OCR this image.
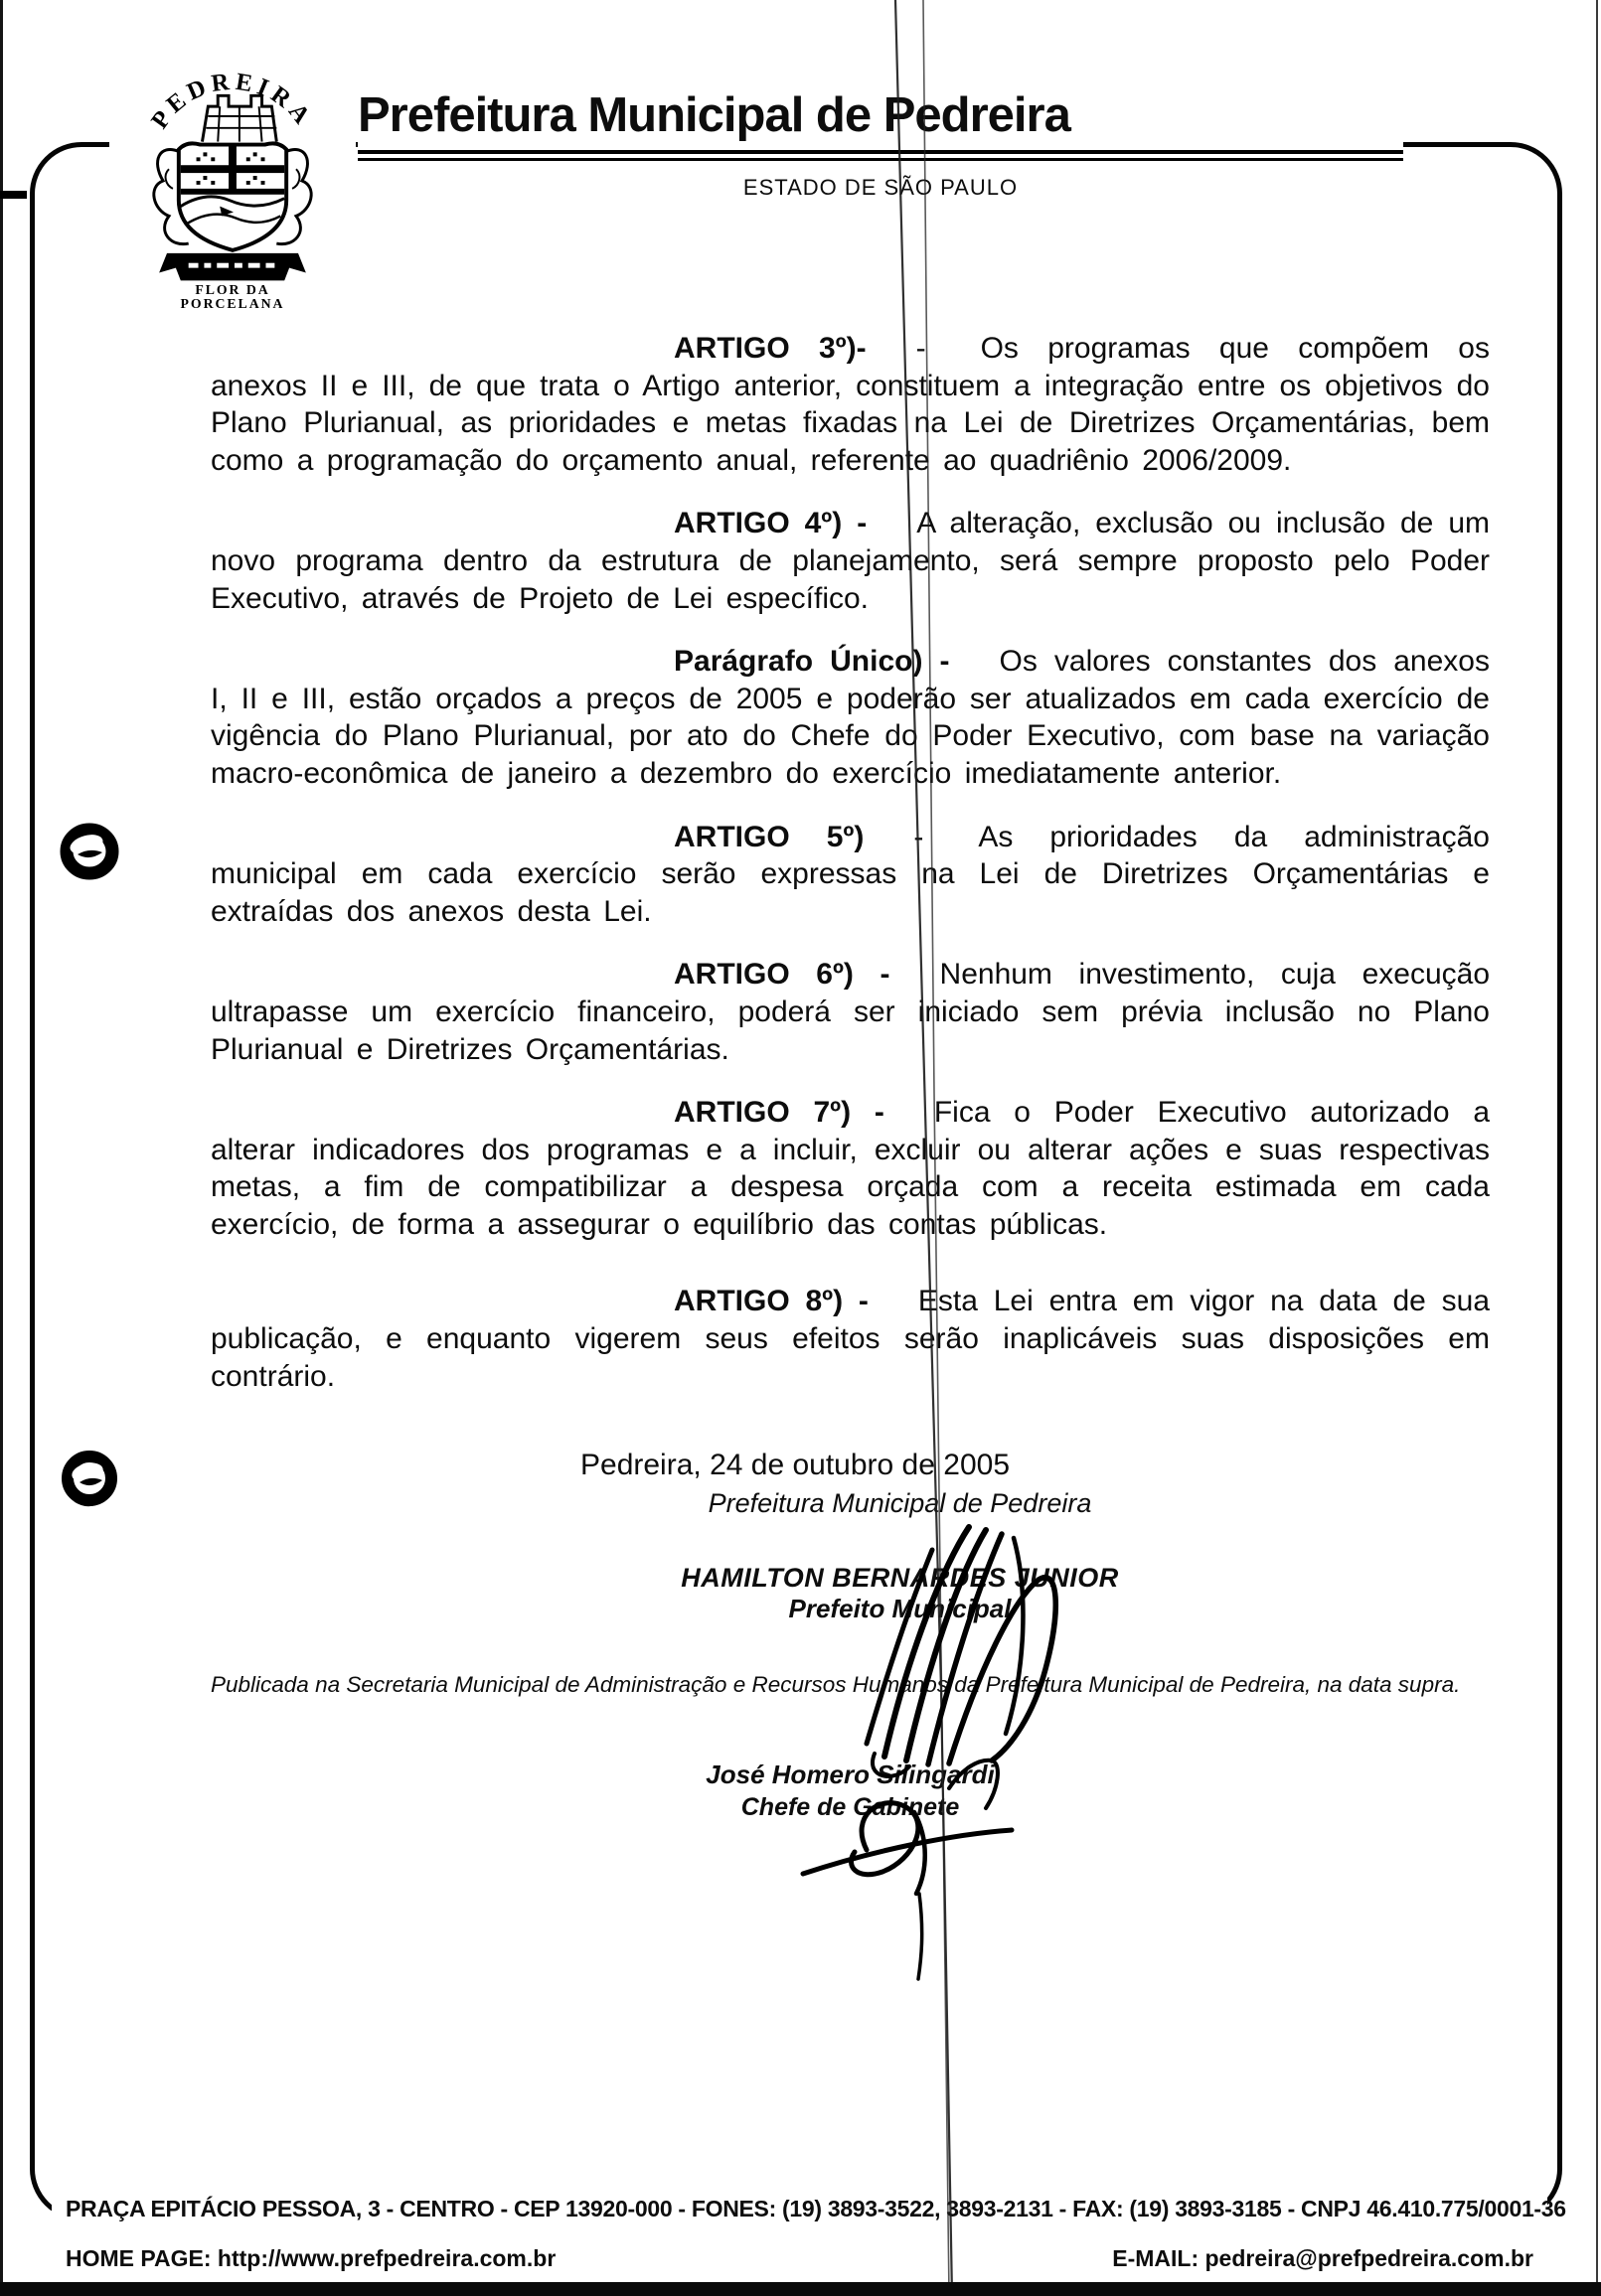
PEDREIRA
FLOR DA
PORCELANA
Prefeitura Municipal de Pedreira
ESTADO DE SÃO PAULO

ARTIGO 3º)- - Os programas que compõem os anexos II e III, de que trata o Artigo anterior, constituem a integração entre os objetivos do Plano Plurianual, as prioridades e metas fixadas na Lei de Diretrizes Orçamentárias, bem como a programação do orçamento anual, referente ao quadriênio 2006/2009.

ARTIGO 4º) - A alteração, exclusão ou inclusão de um novo programa dentro da estrutura de planejamento, será sempre proposto pelo Poder Executivo, através de Projeto de Lei específico.

Parágrafo Único) - Os valores constantes dos anexos I, II e III, estão orçados a preços de 2005 e poderão ser atualizados em cada exercício de vigência do Plano Plurianual, por ato do Chefe do Poder Executivo, com base na variação macro-econômica de janeiro a dezembro do exercício imediatamente anterior.

ARTIGO 5º) - As prioridades da administração municipal em cada exercício serão expressas na Lei de Diretrizes Orçamentárias e extraídas dos anexos desta Lei.

ARTIGO 6º) - Nenhum investimento, cuja execução ultrapasse um exercício financeiro, poderá ser iniciado sem prévia inclusão no Plano Plurianual e Diretrizes Orçamentárias.

ARTIGO 7º) - Fica o Poder Executivo autorizado a alterar indicadores dos programas e a incluir, excluir ou alterar ações e suas respectivas metas, a fim de compatibilizar a despesa orçada com a receita estimada em cada exercício, de forma a assegurar o equilíbrio das contas públicas.

ARTIGO 8º) - Esta Lei entra em vigor na data de sua publicação, e enquanto vigerem seus efeitos serão inaplicáveis suas disposições em contrário.

Pedreira, 24 de outubro de 2005
Prefeitura Municipal de Pedreira
HAMILTON BERNARDES JUNIOR
Prefeito Municipal
Publicada na Secretaria Municipal de Administração e Recursos Humanos da Prefeitura Municipal de Pedreira, na data supra.
José Homero Silingardi
Chefe de Gabinete
PRAÇA EPITÁCIO PESSOA, 3 - CENTRO - CEP 13920-000 - FONES: (19) 3893-3522, 3893-2131 - FAX: (19) 3893-3185 - CNPJ 46.410.775/0001-36
HOME PAGE: http://www.prefpedreira.com.br	E-MAIL: pedreira@prefpedreira.com.br
